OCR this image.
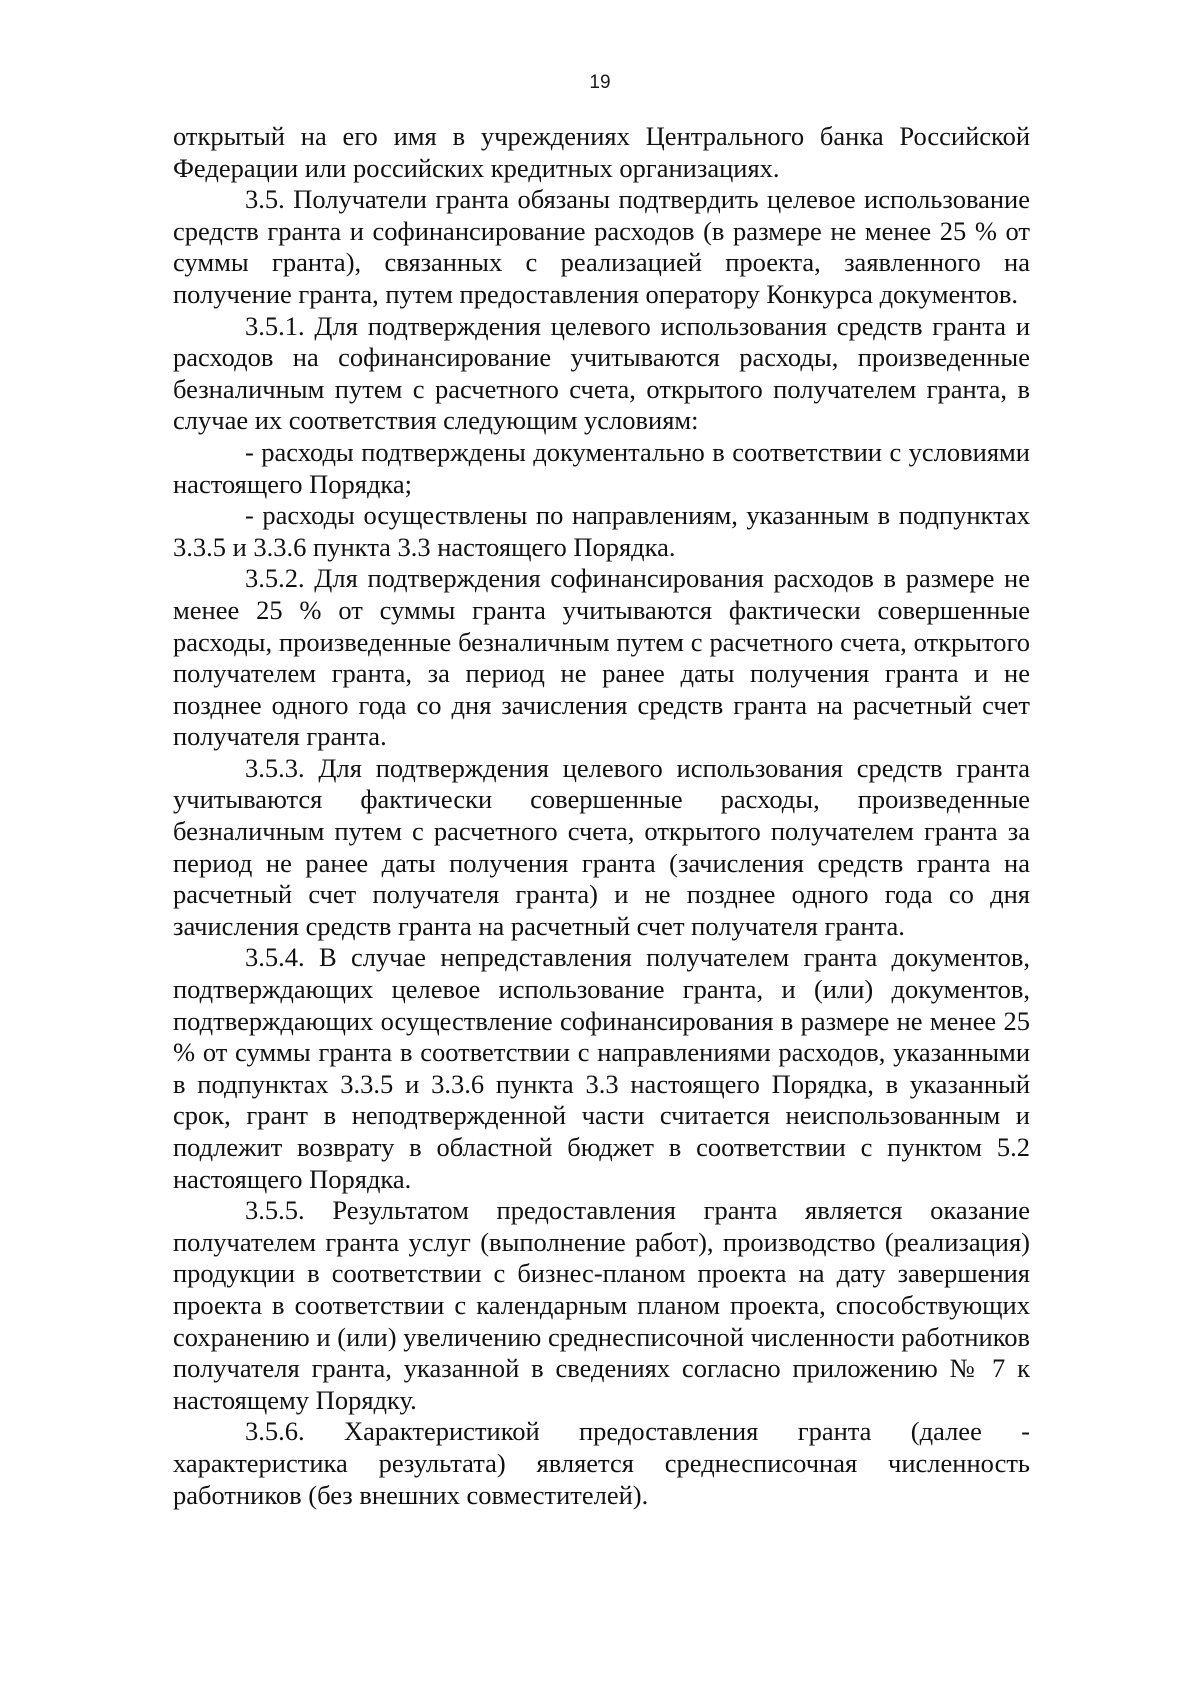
19

открытый на его имя в учреждениях Центрального банка Российской Федерации или российских кредитных организациях.

3.5. Получатели гранта обязаны подтвердить целевое использование средств гранта и софинансирование расходов (в размере не менее 25 % от суммы гранта), связанных с реализацией проекта, заявленного на получение гранта, путем предоставления оператору Конкурса документов.

3.5.1. Для подтверждения целевого использования средств гранта и расходов на софинансирование учитываются расходы, произведенные безналичным путем с расчетного счета, открытого получателем гранта, в случае их соответствия следующим условиям:

- расходы подтверждены документально в соответствии с условиями настоящего Порядка;

- расходы осуществлены по направлениям, указанным в подпунктах 3.3.5 и 3.3.6 пункта 3.3 настоящего Порядка.

3.5.2. Для подтверждения софинансирования расходов в размере не менее 25 % от суммы гранта учитываются фактически совершенные расходы, произведенные безналичным путем с расчетного счета, открытого получателем гранта, за период не ранее даты получения гранта и не позднее одного года со дня зачисления средств гранта на расчетный счет получателя гранта.

3.5.3. Для подтверждения целевого использования средств гранта учитываются фактически совершенные расходы, произведенные безналичным путем с расчетного счета, открытого получателем гранта за период не ранее даты получения гранта (зачисления средств гранта на расчетный счет получателя гранта) и не позднее одного года со дня зачисления средств гранта на расчетный счет получателя гранта.

3.5.4. В случае непредставления получателем гранта документов, подтверждающих целевое использование гранта, и (или) документов, подтверждающих осуществление софинансирования в размере не менее 25 % от суммы гранта в соответствии с направлениями расходов, указанными в подпунктах 3.3.5 и 3.3.6 пункта 3.3 настоящего Порядка, в указанный срок, грант в неподтвержденной части считается неиспользованным и подлежит возврату в областной бюджет в соответствии с пунктом 5.2 настоящего Порядка.

3.5.5. Результатом предоставления гранта является оказание получателем гранта услуг (выполнение работ), производство (реализация) продукции в соответствии с бизнес-планом проекта на дату завершения проекта в соответствии с календарным планом проекта, способствующих сохранению и (или) увеличению среднесписочной численности работников получателя гранта, указанной в сведениях согласно приложению № 7 к настоящему Порядку.

3.5.6. Характеристикой предоставления гранта (далее - характеристика результата) является среднесписочная численность работников (без внешних совместителей).
